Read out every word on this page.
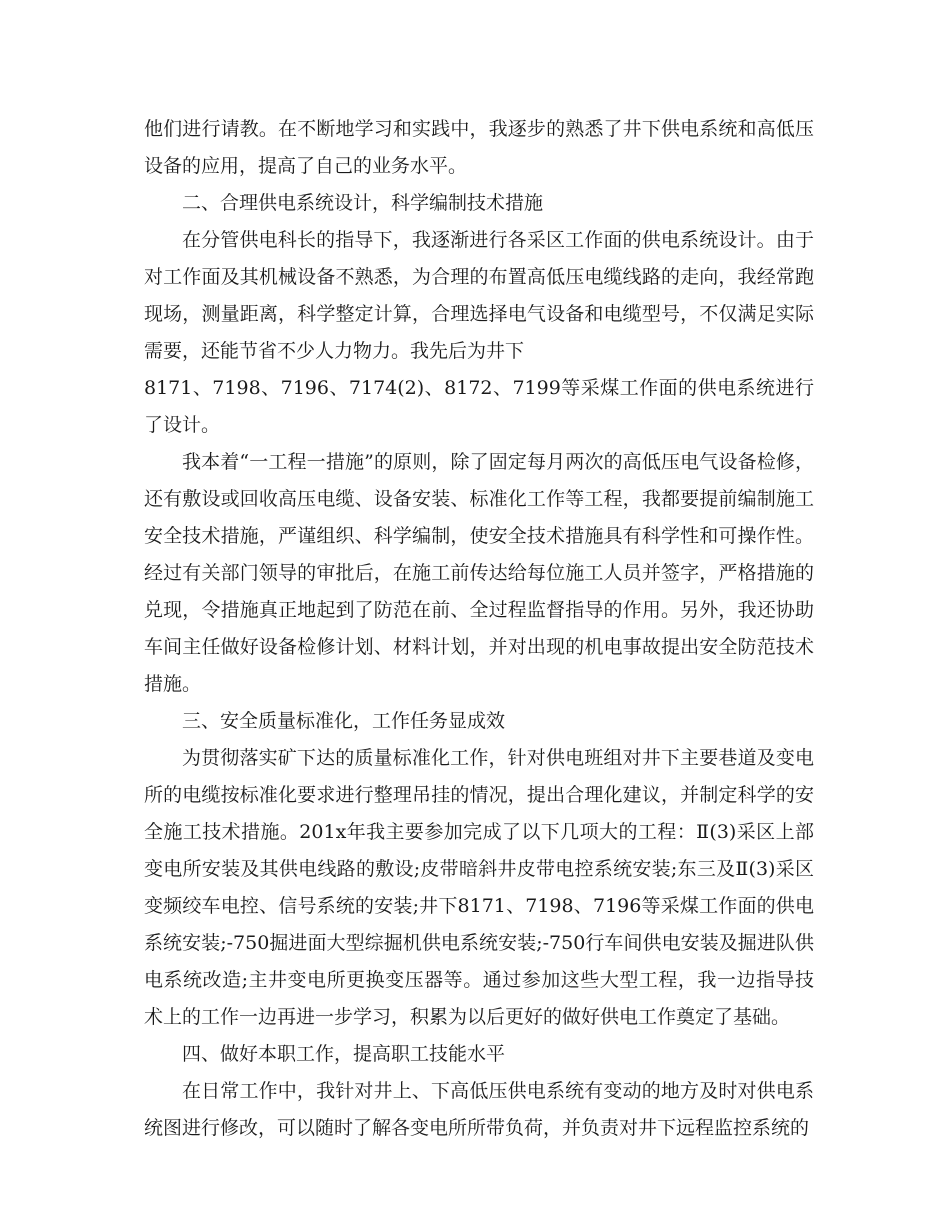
他们进行请教。在不断地学习和实践中，我逐步的熟悉了井下供电系统和高低压设备的应用，提高了自己的业务水平。

二、合理供电系统设计，科学编制技术措施

在分管供电科长的指导下，我逐渐进行各采区工作面的供电系统设计。由于对工作面及其机械设备不熟悉，为合理的布置高低压电缆线路的走向，我经常跑现场，测量距离，科学整定计算，合理选择电气设备和电缆型号，不仅满足实际需要，还能节省不少人力物力。我先后为井下

8171、7198、7196、7174(2)、8172、7199等采煤工作面的供电系统进行了设计。

我本着“一工程一措施”的原则，除了固定每月两次的高低压电气设备检修，还有敷设或回收高压电缆、设备安装、标准化工作等工程，我都要提前编制施工安全技术措施，严谨组织、科学编制，使安全技术措施具有科学性和可操作性。经过有关部门领导的审批后，在施工前传达给每位施工人员并签字，严格措施的兑现，令措施真正地起到了防范在前、全过程监督指导的作用。另外，我还协助车间主任做好设备检修计划、材料计划，并对出现的机电事故提出安全防范技术措施。

三、安全质量标准化，工作任务显成效

为贯彻落实矿下达的质量标准化工作，针对供电班组对井下主要巷道及变电所的电缆按标准化要求进行整理吊挂的情况，提出合理化建议，并制定科学的安全施工技术措施。201x年我主要参加完成了以下几项大的工程：Ⅱ(3)采区上部变电所安装及其供电线路的敷设;皮带暗斜井皮带电控系统安装;东三及Ⅱ(3)采区变频绞车电控、信号系统的安装;井下8171、7198、7196等采煤工作面的供电系统安装;-750掘进面大型综掘机供电系统安装;-750行车间供电安装及掘进队供电系统改造;主井变电所更换变压器等。通过参加这些大型工程，我一边指导技术上的工作一边再进一步学习，积累为以后更好的做好供电工作奠定了基础。

四、做好本职工作，提高职工技能水平

在日常工作中，我针对井上、下高低压供电系统有变动的地方及时对供电系统图进行修改，可以随时了解各变电所所带负荷，并负责对井下远程监控系统的
